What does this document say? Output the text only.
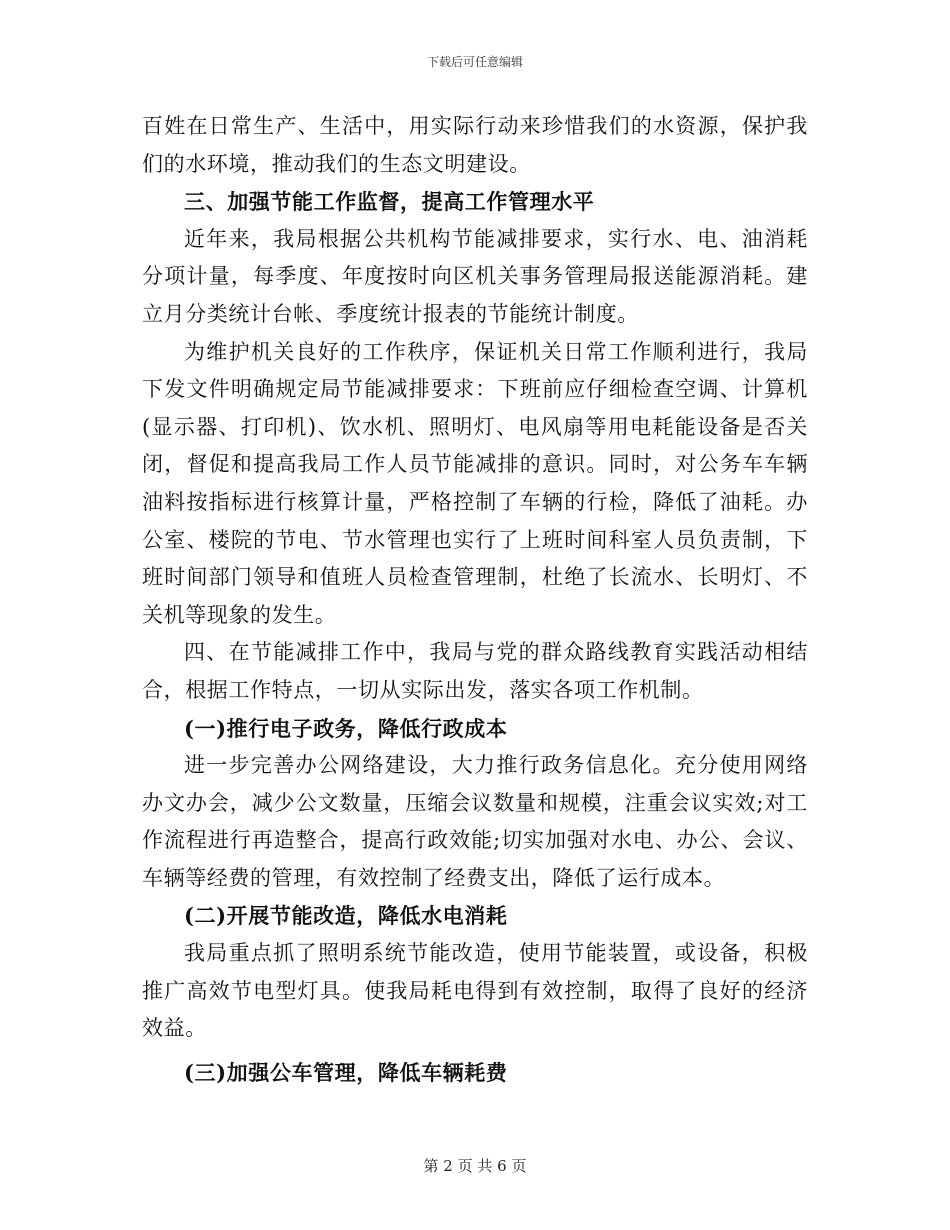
下载后可任意编辑

百姓在日常生产、生活中，用实际行动来珍惜我们的水资源，保护我们的水环境，推动我们的生态文明建设。

三、加强节能工作监督，提高工作管理水平

近年来，我局根据公共机构节能减排要求，实行水、电、油消耗分项计量，每季度、年度按时向区机关事务管理局报送能源消耗。建立月分类统计台帐、季度统计报表的节能统计制度。

为维护机关良好的工作秩序，保证机关日常工作顺利进行，我局下发文件明确规定局节能减排要求：下班前应仔细检查空调、计算机(显示器、打印机)、饮水机、照明灯、电风扇等用电耗能设备是否关闭，督促和提高我局工作人员节能减排的意识。同时，对公务车车辆油料按指标进行核算计量，严格控制了车辆的行检，降低了油耗。办公室、楼院的节电、节水管理也实行了上班时间科室人员负责制，下班时间部门领导和值班人员检查管理制，杜绝了长流水、长明灯、不关机等现象的发生。

四、在节能减排工作中，我局与党的群众路线教育实践活动相结合，根据工作特点，一切从实际出发，落实各项工作机制。

(一)推行电子政务，降低行政成本

进一步完善办公网络建设，大力推行政务信息化。充分使用网络办文办会，减少公文数量，压缩会议数量和规模，注重会议实效;对工作流程进行再造整合，提高行政效能;切实加强对水电、办公、会议、车辆等经费的管理，有效控制了经费支出，降低了运行成本。

(二)开展节能改造，降低水电消耗

我局重点抓了照明系统节能改造，使用节能装置，或设备，积极推广高效节电型灯具。使我局耗电得到有效控制，取得了良好的经济效益。

(三)加强公车管理，降低车辆耗费

第 2 页 共 6 页
